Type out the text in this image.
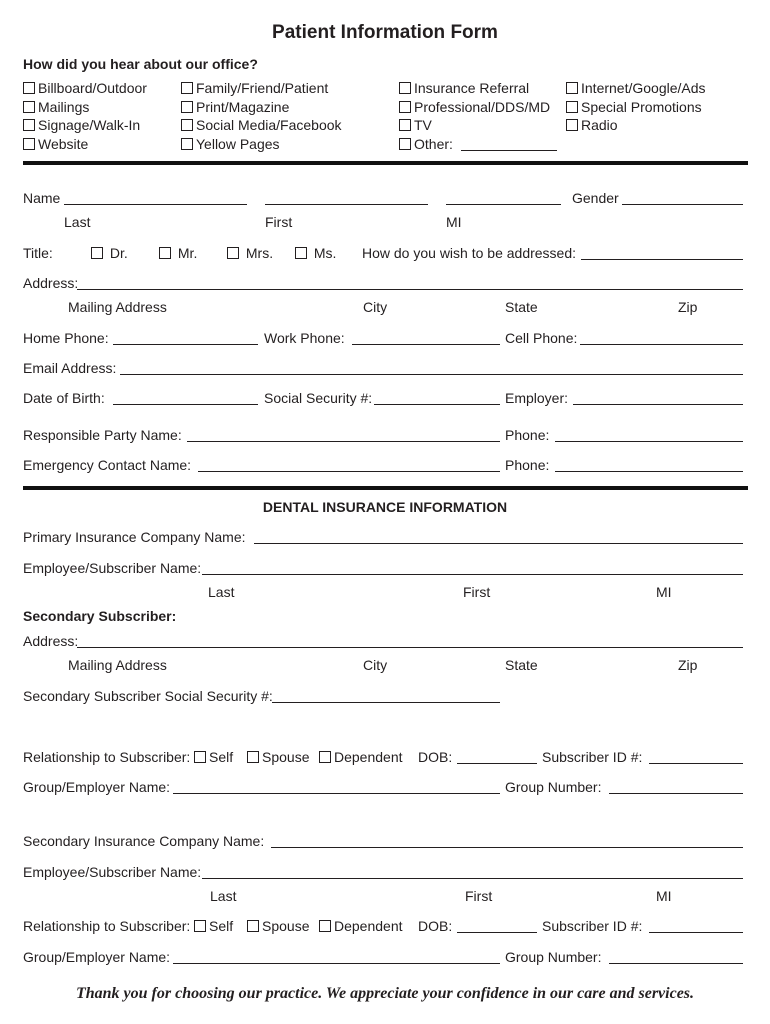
Patient Information Form
How did you hear about our office?
Billboard/Outdoor
Mailings
Signage/Walk-In
Website
Family/Friend/Patient
Print/Magazine
Social Media/Facebook
Yellow Pages
Insurance Referral
Professional/DDS/MD
TV
Other:
Internet/Google/Ads
Special Promotions
Radio
Name	Gender
Last	First	MI
Title:	Dr.	Mr.	Mrs.	Ms. How do you wish to be addressed:
Address:
Mailing Address	City	State	Zip
Home Phone:	Work Phone:	Cell Phone:
Email Address:
Date of Birth:	Social Security #:	Employer:
Responsible Party Name:	Phone:
Emergency Contact Name:	Phone:
DENTAL INSURANCE INFORMATION
Primary Insurance Company Name:
Employee/Subscriber Name:
Last	First	MI
Secondary Subscriber:
Address:
Mailing Address	City	State	Zip
Secondary Subscriber Social Security #:
Relationship to Subscriber:	Self	Spouse	Dependent DOB:	Subscriber ID #:
Group/Employer Name:	Group Number:
Secondary Insurance Company Name:
Employee/Subscriber Name:
Last	First	MI
Relationship to Subscriber:	Self	Spouse	Dependent DOB:	Subscriber ID #:
Group/Employer Name:	Group Number:
Thank you for choosing our practice. We appreciate your confidence in our care and services.
